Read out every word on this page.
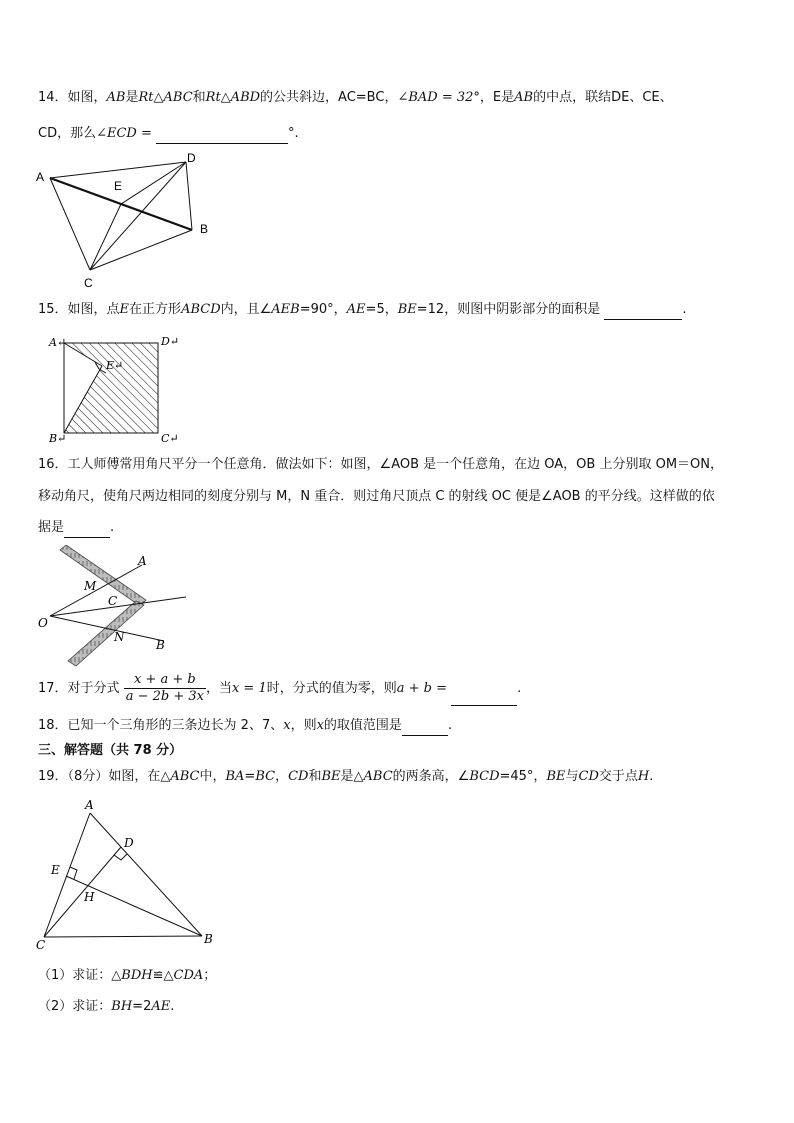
14．如图，AB是Rt△ABC和Rt△ABD的公共斜边，AC=BC，∠BAD = 32°，E是AB的中点，联结DE、CE、
CD，那么∠ECD =	°.
A
D
E
B
C
15．如图，点E在正方形ABCD内，且∠AEB=90°，AE=5，BE=12，则图中阴影部分的面积是	.
A↵	D↵
E↵
B↵	C↵
16．工人师傅常用角尺平分一个任意角．做法如下：如图，∠AOB 是一个任意角，在边 OA，OB 上分别取 OM＝ON，
移动角尺，使角尺两边相同的刻度分别与 M，N 重合．则过角尺顶点 C 的射线 OC 便是∠AOB 的平分线。这样做的依
据是	.
A
M
C
O
N
B
17．对于分式 $\frac{x + a + b}{a - 2b + 3x}$ ，当x = 1时，分式的值为零，则a + b =	.
18．已知一个三角形的三条边长为 2、7、x，则x的取值范围是	.
三、解答题（共 78 分）
19．（8分）如图，在△ABC中，BA=BC，CD和BE是△ABC的两条高，∠BCD=45°，BE与CD交于点H.
A
D
E
H
C	B
（1）求证：△BDH≌△CDA；
（2）求证：BH=2AE.
